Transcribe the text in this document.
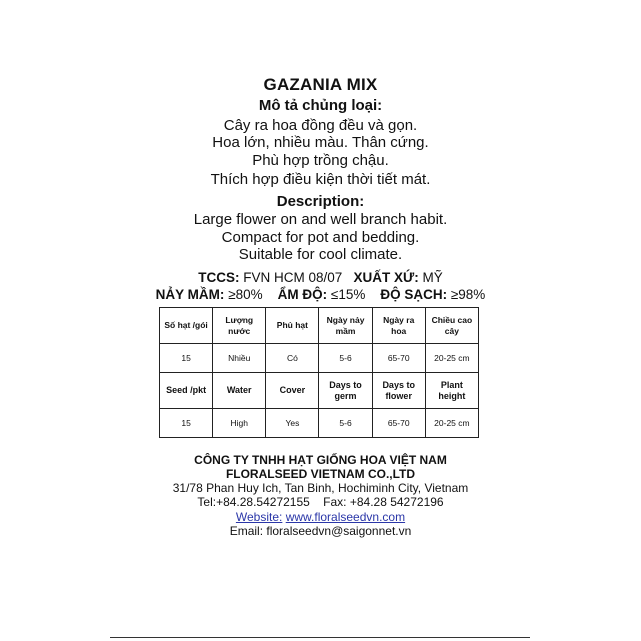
GAZANIA MIX
Mô tả chủng loại:
Cây ra hoa đồng đều và gọn.
Hoa lớn, nhiều màu. Thân cứng.
Phù hợp trồng chậu.
Thích hợp điều kiện thời tiết mát.
Description:
Large flower on and well branch habit.
Compact for pot and bedding.
Suitable for cool climate.
TCCS: FVN HCM 08/07 XUẤT XỨ: MỸ
NẢY MẦM: ≥80% ẨM ĐỘ: ≤15% ĐỘ SẠCH: ≥98%
Số hạt /gói	Lượng nước	Phủ hạt	Ngày nảy mầm	Ngày ra hoa	Chiều cao cây
15	Nhiều	Có	5-6	65-70	20-25 cm
Seed /pkt	Water	Cover	Days to germ	Days to flower	Plant height
15	High	Yes	5-6	65-70	20-25 cm
CÔNG TY TNHH HẠT GIỐNG HOA VIỆT NAM
FLORALSEED VIETNAM CO.,LTD
31/78 Phan Huy Ich, Tan Binh, Hochiminh City, Vietnam
Tel:+84.28.54272155    Fax: +84.28 54272196
Website: www.floralseedvn.com
Email: floralseedvn@saigonnet.vn
